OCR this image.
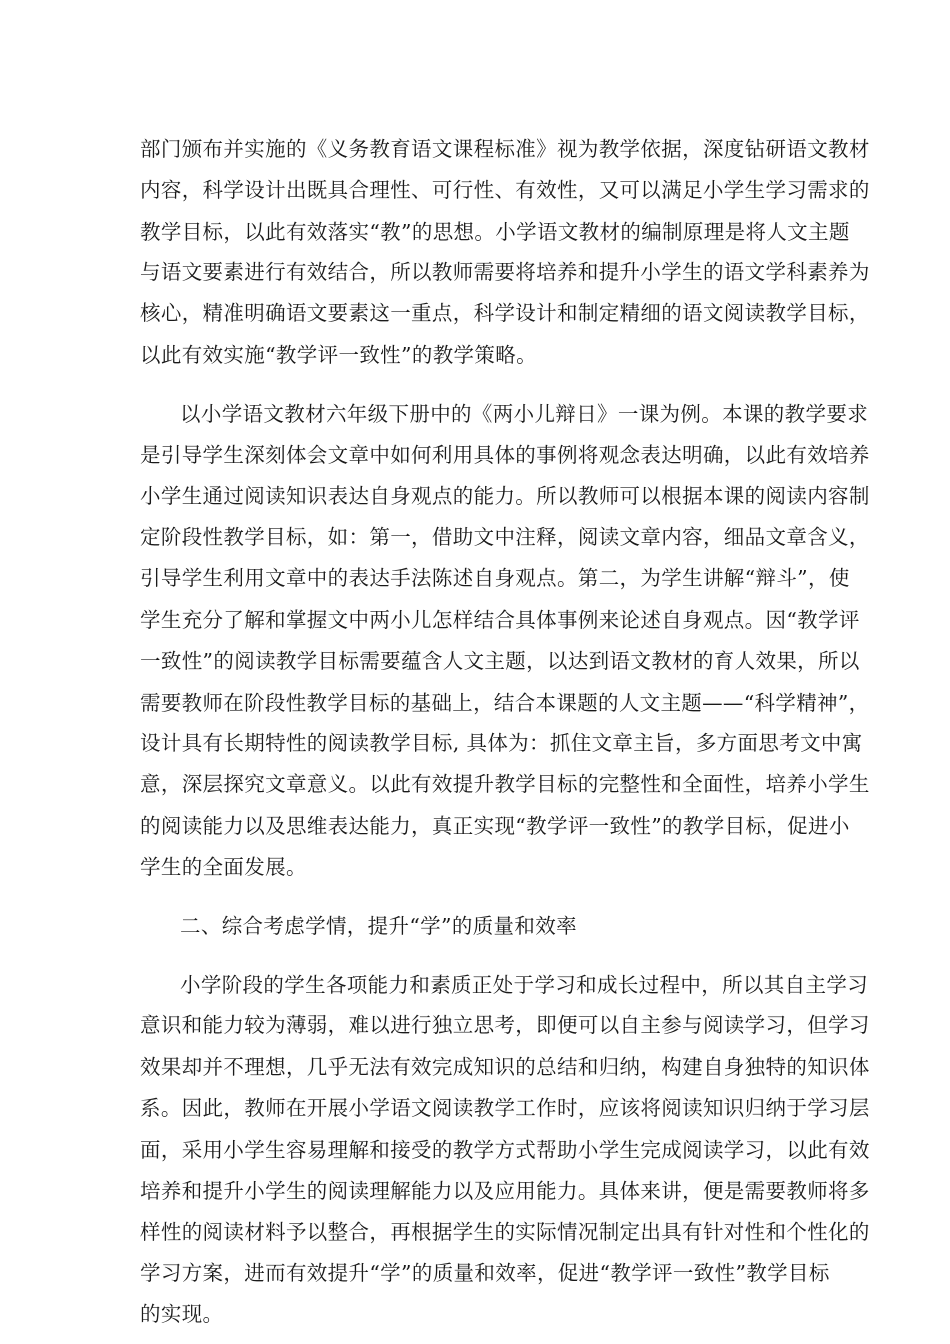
部门颁布并实施的《义务教育语文课程标准》视为教学依据，深度钻研语文教材
内容，科学设计出既具合理性、可行性、有效性，又可以满足小学生学习需求的
教学目标，以此有效落实“教”的思想。小学语文教材的编制原理是将人文主题
与语文要素进行有效结合，所以教师需要将培养和提升小学生的语文学科素养为
核心，精准明确语文要素这一重点，科学设计和制定精细的语文阅读教学目标，
以此有效实施“教学评一致性”的教学策略。
以小学语文教材六年级下册中的《两小儿辩日》一课为例。本课的教学要求
是引导学生深刻体会文章中如何利用具体的事例将观念表达明确，以此有效培养
小学生通过阅读知识表达自身观点的能力。所以教师可以根据本课的阅读内容制
定阶段性教学目标，如：第一，借助文中注释，阅读文章内容，细品文章含义，
引导学生利用文章中的表达手法陈述自身观点。第二，为学生讲解“辩斗”，使
学生充分了解和掌握文中两小儿怎样结合具体事例来论述自身观点。因“教学评
一致性”的阅读教学目标需要蕴含人文主题，以达到语文教材的育人效果，所以
需要教师在阶段性教学目标的基础上，结合本课题的人文主题——“科学精神”，
设计具有长期特性的阅读教学目标, 具体为：抓住文章主旨，多方面思考文中寓
意，深层探究文章意义。以此有效提升教学目标的完整性和全面性，培养小学生
的阅读能力以及思维表达能力，真正实现“教学评一致性”的教学目标，促进小
学生的全面发展。
二、综合考虑学情，提升“学”的质量和效率
小学阶段的学生各项能力和素质正处于学习和成长过程中，所以其自主学习
意识和能力较为薄弱，难以进行独立思考，即便可以自主参与阅读学习，但学习
效果却并不理想，几乎无法有效完成知识的总结和归纳，构建自身独特的知识体
系。因此，教师在开展小学语文阅读教学工作时，应该将阅读知识归纳于学习层
面，采用小学生容易理解和接受的教学方式帮助小学生完成阅读学习，以此有效
培养和提升小学生的阅读理解能力以及应用能力。具体来讲，便是需要教师将多
样性的阅读材料予以整合，再根据学生的实际情况制定出具有针对性和个性化的
学习方案，进而有效提升“学”的质量和效率，促进“教学评一致性”教学目标
的实现。
